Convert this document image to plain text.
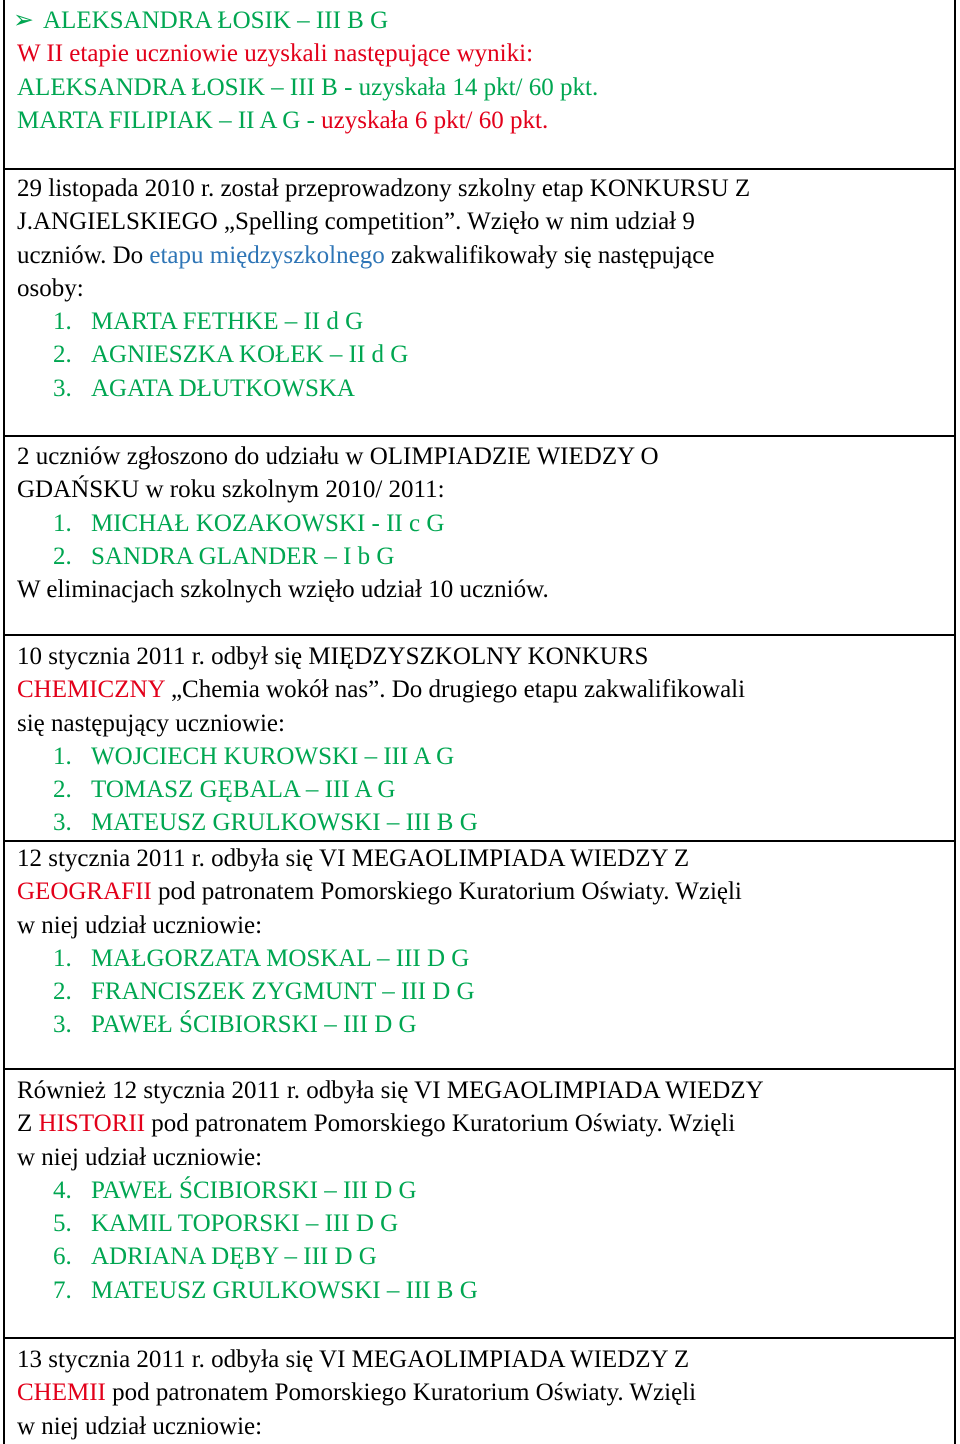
➢ ALEKSANDRA ŁOSIK – III B G
W II etapie uczniowie uzyskali następujące wyniki:
ALEKSANDRA ŁOSIK – III B - uzyskała 14 pkt/ 60 pkt.
MARTA FILIPIAK – II A G - uzyskała 6 pkt/ 60 pkt.
29 listopada 2010 r. został przeprowadzony szkolny etap KONKURSU Z
J.ANGIELSKIEGO „Spelling competition”. Wzięło w nim udział 9
uczniów. Do etapu międzyszkolnego zakwalifikowały się następujące
osoby:
1. MARTA FETHKE – II d G
2. AGNIESZKA KOŁEK – II d G
3. AGATA DŁUTKOWSKA
2 uczniów zgłoszono do udziału w OLIMPIADZIE WIEDZY O
GDAŃSKU w roku szkolnym 2010/ 2011:
1. MICHAŁ KOZAKOWSKI - II c G
2. SANDRA GLANDER – I b G
W eliminacjach szkolnych wzięło udział 10 uczniów.
10 stycznia 2011 r. odbył się MIĘDZYSZKOLNY KONKURS
CHEMICZNY „Chemia wokół nas”. Do drugiego etapu zakwalifikowali
się następujący uczniowie:
1. WOJCIECH KUROWSKI – III A G
2. TOMASZ GĘBALA – III A G
3. MATEUSZ GRULKOWSKI – III B G
12 stycznia 2011 r. odbyła się VI MEGAOLIMPIADA WIEDZY Z
GEOGRAFII pod patronatem Pomorskiego Kuratorium Oświaty. Wzięli
w niej udział uczniowie:
1. MAŁGORZATA MOSKAL – III D G
2. FRANCISZEK ZYGMUNT – III D G
3. PAWEŁ ŚCIBIORSKI – III D G
Również 12 stycznia 2011 r. odbyła się VI MEGAOLIMPIADA WIEDZY
Z HISTORII pod patronatem Pomorskiego Kuratorium Oświaty. Wzięli
w niej udział uczniowie:
4. PAWEŁ ŚCIBIORSKI – III D G
5. KAMIL TOPORSKI – III D G
6. ADRIANA DĘBY – III D G
7. MATEUSZ GRULKOWSKI – III B G
13 stycznia 2011 r. odbyła się VI MEGAOLIMPIADA WIEDZY Z
CHEMII pod patronatem Pomorskiego Kuratorium Oświaty. Wzięli
w niej udział uczniowie:
